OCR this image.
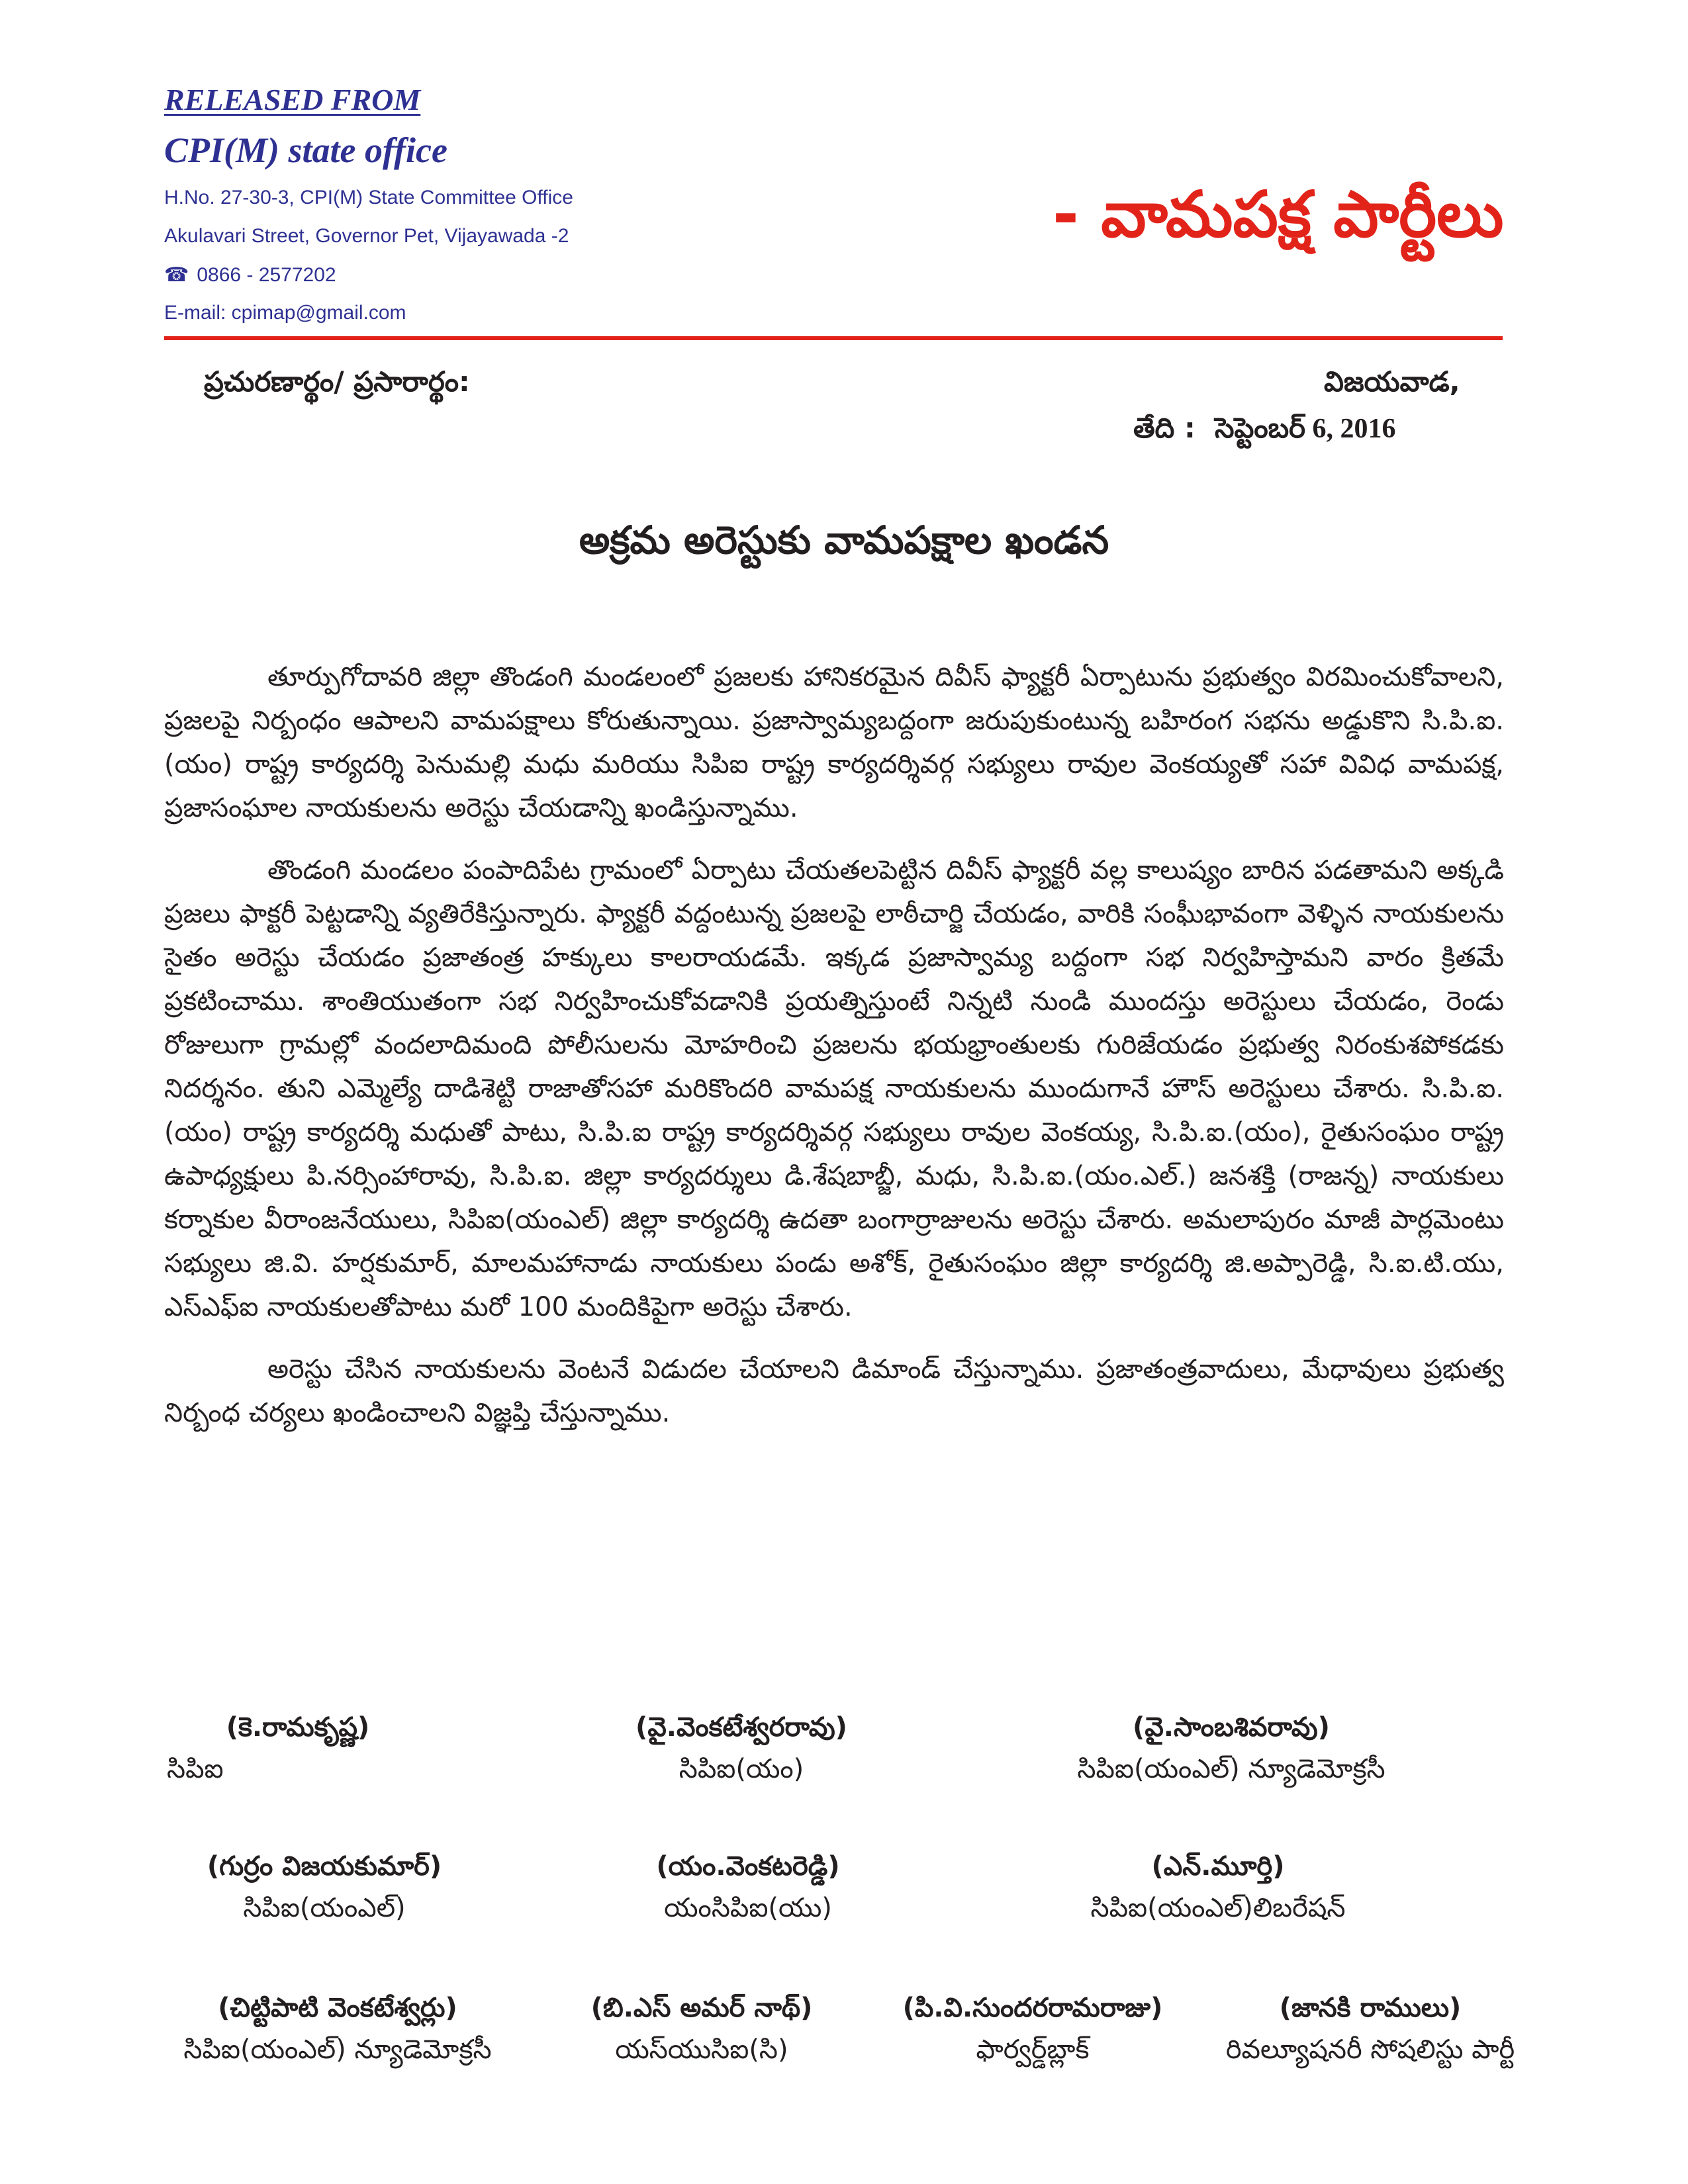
RELEASED FROM
CPI(M) state office
H.No. 27-30-3, CPI(M) State Committee Office
Akulavari Street, Governor Pet, Vijayawada -2
☎ 0866 - 2577202
E-mail: cpimap@gmail.com
- వామపక్ష పార్టీలు
ప్రచురణార్థం/ ప్రసారార్థం:	విజయవాడ,
తేది : సెప్టెంబర్ 6, 2016
అక్రమ అరెస్టుకు వామపక్షాల ఖండన

తూర్పుగోదావరి జిల్లా తొండంగి మండలంలో ప్రజలకు హానికరమైన దివీస్ ఫ్యాక్టరీ ఏర్పాటును ప్రభుత్వం విరమించుకోవాలని, ప్రజలపై నిర్బంధం ఆపాలని వామపక్షాలు కోరుతున్నాయి. ప్రజాస్వామ్యబద్దంగా జరుపుకుంటున్న బహిరంగ సభను అడ్డుకొని సి.పి.ఐ.(యం) రాష్ట్ర కార్యదర్శి పెనుమల్లి మధు మరియు సిపిఐ రాష్ట్ర కార్యదర్శివర్గ సభ్యులు రావుల వెంకయ్యతో సహా వివిధ వామపక్ష, ప్రజాసంఘాల నాయకులను అరెస్టు చేయడాన్ని ఖండిస్తున్నాము.

తొండంగి మండలం పంపాదిపేట గ్రామంలో ఏర్పాటు చేయతలపెట్టిన దివీస్ ఫ్యాక్టరీ వల్ల కాలుష్యం బారిన పడతామని అక్కడి ప్రజలు ఫాక్టరీ పెట్టడాన్ని వ్యతిరేకిస్తున్నారు. ఫ్యాక్టరీ వద్దంటున్న ప్రజలపై లాఠీచార్జి చేయడం, వారికి సంఘీభావంగా వెళ్ళిన నాయకులను సైతం అరెస్టు చేయడం ప్రజాతంత్ర హక్కులు కాలరాయడమే. ఇక్కడ ప్రజాస్వామ్య బద్దంగా సభ నిర్వహిస్తామని వారం క్రితమే ప్రకటించాము. శాంతియుతంగా సభ నిర్వహించుకోవడానికి ప్రయత్నిస్తుంటే నిన్నటి నుండి ముందస్తు అరెస్టులు చేయడం, రెండు రోజులుగా గ్రామల్లో వందలాదిమంది పోలీసులను మోహరించి ప్రజలను భయభ్రాంతులకు గురిజేయడం ప్రభుత్వ నిరంకుశపోకడకు నిదర్శనం. తుని ఎమ్మెల్యే దాడిశెట్టి రాజాతోసహా మరికొందరి వామపక్ష నాయకులను ముందుగానే హౌస్ అరెస్టులు చేశారు. సి.పి.ఐ.(యం) రాష్ట్ర కార్యదర్శి మధుతో పాటు, సి.పి.ఐ రాష్ట్ర కార్యదర్శివర్గ సభ్యులు రావుల వెంకయ్య, సి.పి.ఐ.(యం), రైతుసంఘం రాష్ట్ర ఉపాధ్యక్షులు పి.నర్సింహారావు, సి.పి.ఐ. జిల్లా కార్యదర్శులు డి.శేషబాబ్జీ, మధు, సి.పి.ఐ.(యం.ఎల్.) జనశక్తి (రాజన్న) నాయకులు కర్నాకుల వీరాంజనేయులు, సిపిఐ(యంఎల్) జిల్లా కార్యదర్శి ఉదతా బంగార్రాజులను అరెస్టు చేశారు. అమలాపురం మాజీ పార్లమెంటు సభ్యులు జి.వి. హర్షకుమార్, మాలమహానాడు నాయకులు పండు అశోక్, రైతుసంఘం జిల్లా కార్యదర్శి జి.అప్పారెడ్డి, సి.ఐ.టి.యు, ఎస్ఎఫ్ఐ నాయకులతోపాటు మరో 100 మందికిపైగా అరెస్టు చేశారు.

అరెస్టు చేసిన నాయకులను వెంటనే విడుదల చేయాలని డిమాండ్ చేస్తున్నాము. ప్రజాతంత్రవాదులు, మేధావులు ప్రభుత్వ నిర్బంధ చర్యలు ఖండించాలని విజ్ఞప్తి చేస్తున్నాము.

(కె.రామకృష్ణ)
సిపిఐ
(వై.వెంకటేశ్వరరావు)
సిపిఐ(యం)
(వై.సాంబశివరావు)
సిపిఐ(యంఎల్) న్యూడెమోక్రసీ
(గుర్రం విజయకుమార్)
సిపిఐ(యంఎల్)
(యం.వెంకటరెడ్డి)
యంసిపిఐ(యు)
(ఎన్.మూర్తి)
సిపిఐ(యంఎల్)లిబరేషన్
(చిట్టిపాటి వెంకటేశ్వర్లు)
సిపిఐ(యంఎల్) న్యూడెమోక్రసీ
(బి.ఎస్ అమర్ నాథ్)
యస్‌యుసిఐ(సి)
(పి.వి.సుందరరామరాజు)
ఫార్వర్డ్‌బ్లాక్
(జానకి రాములు)
రివల్యూషనరీ సోషలిస్టు పార్టీ
